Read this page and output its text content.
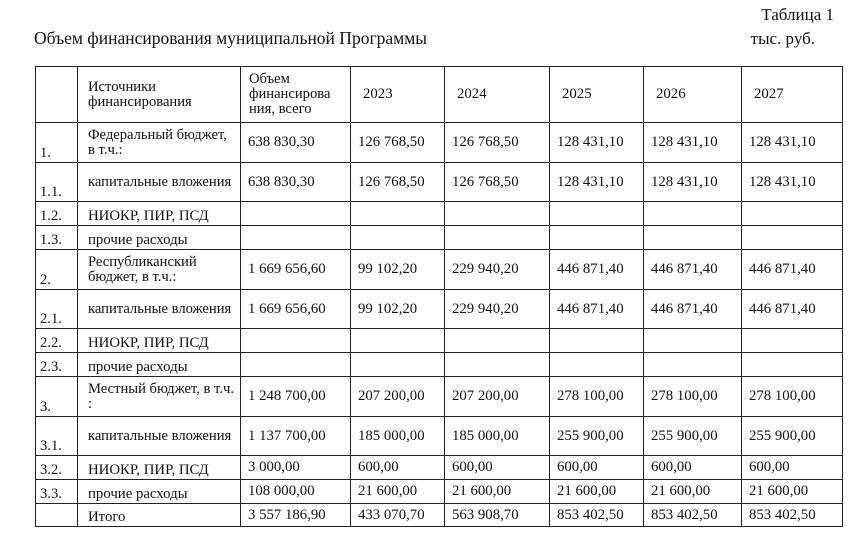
Таблица 1
Объем финансирования муниципальной Программы	тыс. руб.
	Источники финансирования	Объем финансирова ния, всего	2023	2024	2025	2026	2027
1.	Федеральный бюджет, в т.ч.:	638 830,30	126 768,50	126 768,50	128 431,10	128 431,10	128 431,10
1.1.	капитальные вложения	638 830,30	126 768,50	126 768,50	128 431,10	128 431,10	128 431,10
1.2.	НИОКР, ПИР, ПСД						
1.3.	прочие расходы						
2.	Республиканский бюджет, в т.ч.:	1 669 656,60	99 102,20	229 940,20	446 871,40	446 871,40	446 871,40
2.1.	капитальные вложения	1 669 656,60	99 102,20	229 940,20	446 871,40	446 871,40	446 871,40
2.2.	НИОКР, ПИР, ПСД						
2.3.	прочие расходы						
3.	Местный бюджет, в т.ч. :	1 248 700,00	207 200,00	207 200,00	278 100,00	278 100,00	278 100,00
3.1.	капитальные вложения	1 137 700,00	185 000,00	185 000,00	255 900,00	255 900,00	255 900,00
3.2.	НИОКР, ПИР, ПСД	3 000,00	600,00	600,00	600,00	600,00	600,00
3.3.	прочие расходы	108 000,00	21 600,00	21 600,00	21 600,00	21 600,00	21 600,00
	Итого	3 557 186,90	433 070,70	563 908,70	853 402,50	853 402,50	853 402,50
